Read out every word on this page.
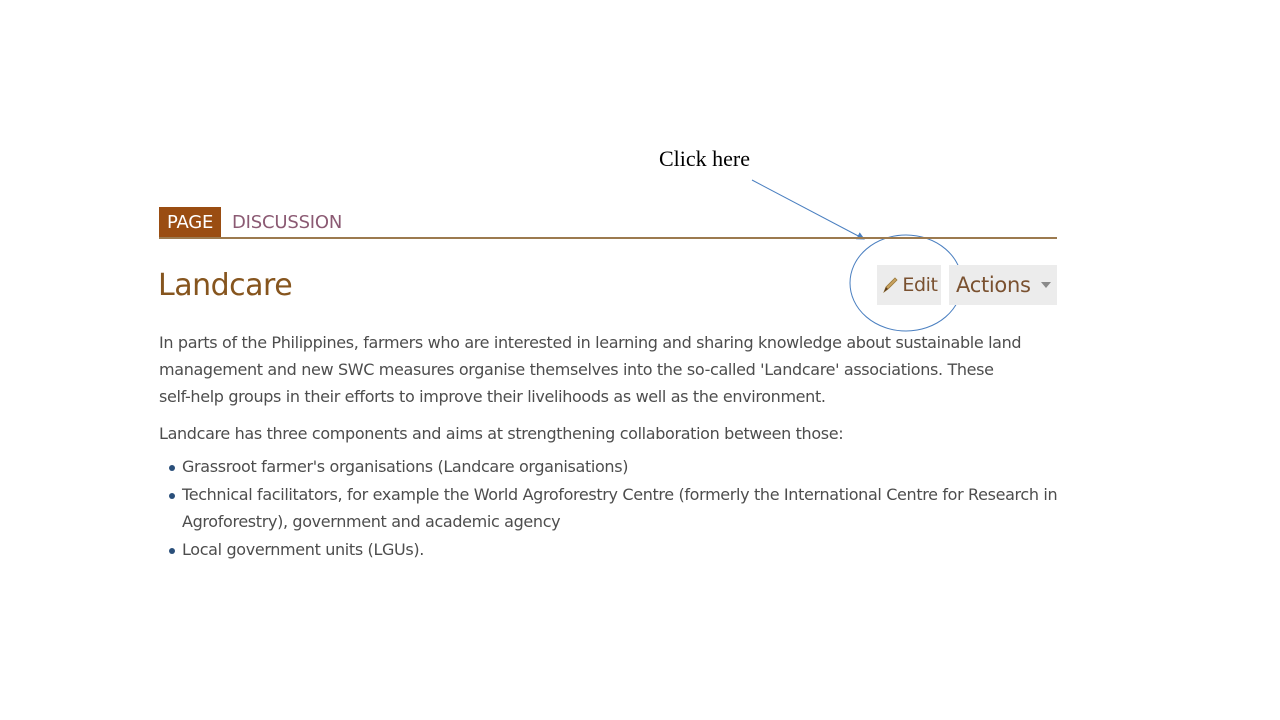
Click here
PAGE	DISCUSSION
Landcare	Edit Actions

In parts of the Philippines, farmers who are interested in learning and sharing knowledge about sustainable land management and new SWC measures organise themselves into the so-called 'Landcare' associations. These self-help groups in their efforts to improve their livelihoods as well as the environment.

Landcare has three components and aims at strengthening collaboration between those:

Grassroot farmer's organisations (Landcare organisations)
Technical facilitators, for example the World Agroforestry Centre (formerly the International Centre for Research in Agroforestry), government and academic agency
Local government units (LGUs).
